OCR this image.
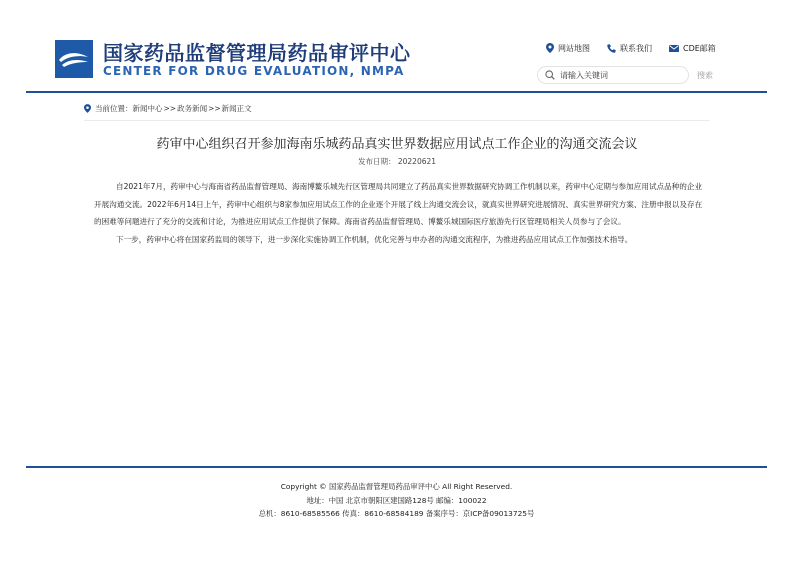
国家药品监督管理局药品审评中心
CENTER FOR DRUG EVALUATION, NMPA
网站地图	联系我们	CDE邮箱
请输入关键词
搜索
当前位置： 新闻中心 >> 政务新闻 >> 新闻正文
药审中心组织召开参加海南乐城药品真实世界数据应用试点工作企业的沟通交流会议
发布日期： 20220621

自2021年7月，药审中心与海南省药品监督管理局、海南博鳌乐城先行区管理局共同建立了药品真实世界数据研究协调工作机制以来，药审中心定期与参加应用试点品种的企业开展沟通交流。2022年6月14日上午，药审中心组织与8家参加应用试点工作的企业逐个开展了线上沟通交流会议，就真实世界研究进展情况、真实世界研究方案、注册申报以及存在的困难等问题进行了充分的交流和讨论，为推进应用试点工作提供了保障。海南省药品监督管理局、博鳌乐城国际医疗旅游先行区管理局相关人员参与了会议。

下一步，药审中心将在国家药监局的领导下，进一步深化实施协调工作机制，优化完善与申办者的沟通交流程序，为推进药品应用试点工作加强技术指导。

Copyright © 国家药品监督管理局药品审评中心 All Right Reserved.
地址：中国 北京市朝阳区建国路128号 邮编：100022
总机：8610-68585566 传真：8610-68584189 备案序号：京ICP备09013725号
